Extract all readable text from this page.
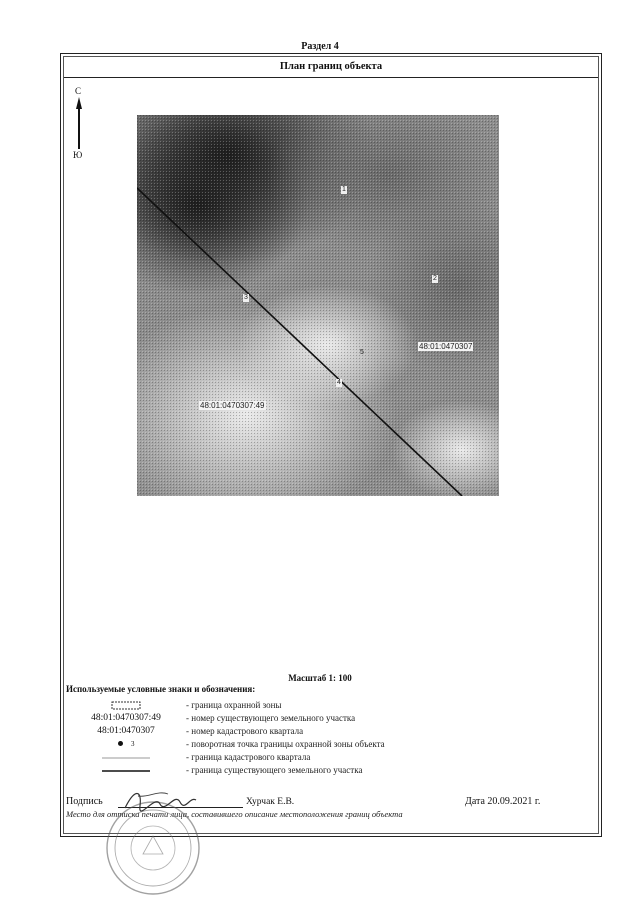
Раздел 4
План границ объекта
С
Ю
1
2
3
4
5
48:01:0470307
48:01:0470307:49
Масштаб 1: 100
Используемые условные знаки и обозначения:
- граница охранной зоны
48:01:0470307:49	- номер существующего земельного участка
48:01:0470307	- номер кадастрового квартала
$^3$	- поворотная точка границы охранной зоны объекта
- граница кадастрового квартала
- граница существующего земельного участка
Подпись	Хурчак Е.В.	Дата 20.09.2021 г.
Место для оттиска печати лица, составившего описание местоположения границ объекта
